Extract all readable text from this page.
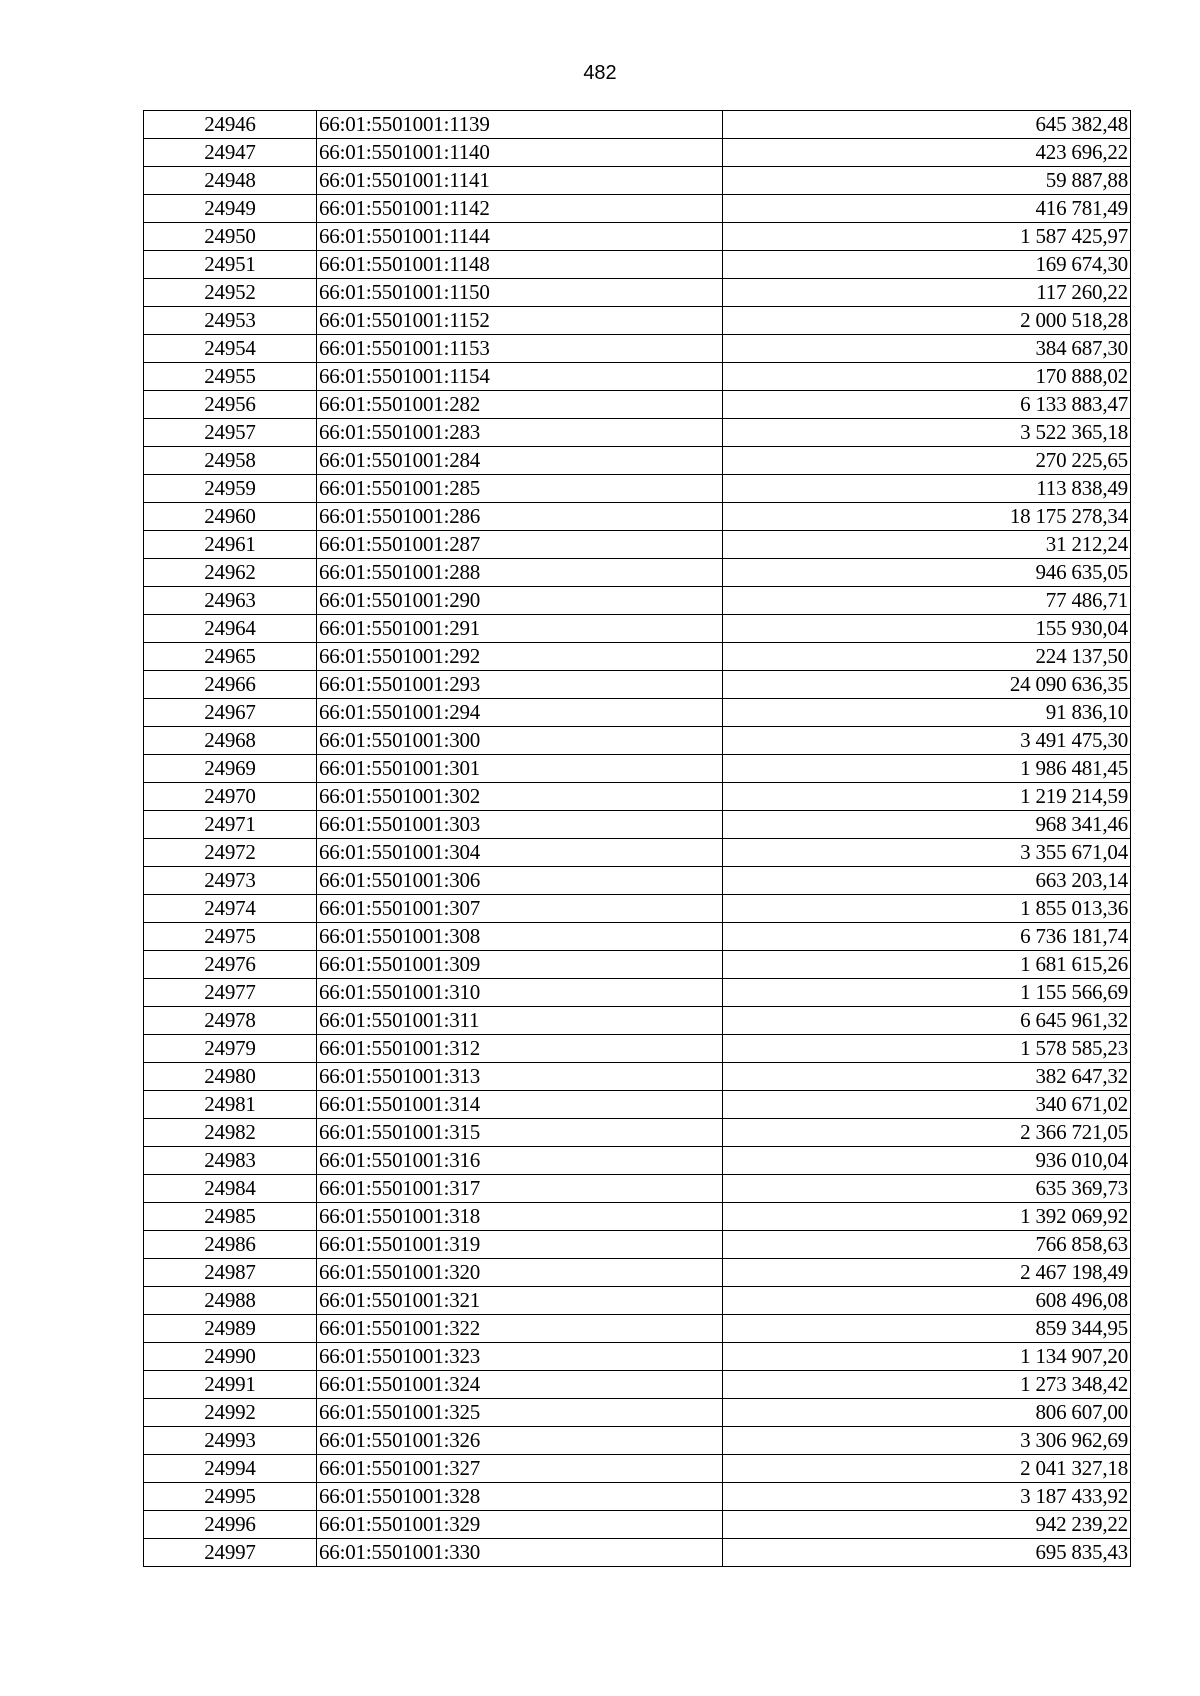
482
24946	66:01:5501001:1139	645 382,48
24947	66:01:5501001:1140	423 696,22
24948	66:01:5501001:1141	59 887,88
24949	66:01:5501001:1142	416 781,49
24950	66:01:5501001:1144	1 587 425,97
24951	66:01:5501001:1148	169 674,30
24952	66:01:5501001:1150	117 260,22
24953	66:01:5501001:1152	2 000 518,28
24954	66:01:5501001:1153	384 687,30
24955	66:01:5501001:1154	170 888,02
24956	66:01:5501001:282	6 133 883,47
24957	66:01:5501001:283	3 522 365,18
24958	66:01:5501001:284	270 225,65
24959	66:01:5501001:285	113 838,49
24960	66:01:5501001:286	18 175 278,34
24961	66:01:5501001:287	31 212,24
24962	66:01:5501001:288	946 635,05
24963	66:01:5501001:290	77 486,71
24964	66:01:5501001:291	155 930,04
24965	66:01:5501001:292	224 137,50
24966	66:01:5501001:293	24 090 636,35
24967	66:01:5501001:294	91 836,10
24968	66:01:5501001:300	3 491 475,30
24969	66:01:5501001:301	1 986 481,45
24970	66:01:5501001:302	1 219 214,59
24971	66:01:5501001:303	968 341,46
24972	66:01:5501001:304	3 355 671,04
24973	66:01:5501001:306	663 203,14
24974	66:01:5501001:307	1 855 013,36
24975	66:01:5501001:308	6 736 181,74
24976	66:01:5501001:309	1 681 615,26
24977	66:01:5501001:310	1 155 566,69
24978	66:01:5501001:311	6 645 961,32
24979	66:01:5501001:312	1 578 585,23
24980	66:01:5501001:313	382 647,32
24981	66:01:5501001:314	340 671,02
24982	66:01:5501001:315	2 366 721,05
24983	66:01:5501001:316	936 010,04
24984	66:01:5501001:317	635 369,73
24985	66:01:5501001:318	1 392 069,92
24986	66:01:5501001:319	766 858,63
24987	66:01:5501001:320	2 467 198,49
24988	66:01:5501001:321	608 496,08
24989	66:01:5501001:322	859 344,95
24990	66:01:5501001:323	1 134 907,20
24991	66:01:5501001:324	1 273 348,42
24992	66:01:5501001:325	806 607,00
24993	66:01:5501001:326	3 306 962,69
24994	66:01:5501001:327	2 041 327,18
24995	66:01:5501001:328	3 187 433,92
24996	66:01:5501001:329	942 239,22
24997	66:01:5501001:330	695 835,43
